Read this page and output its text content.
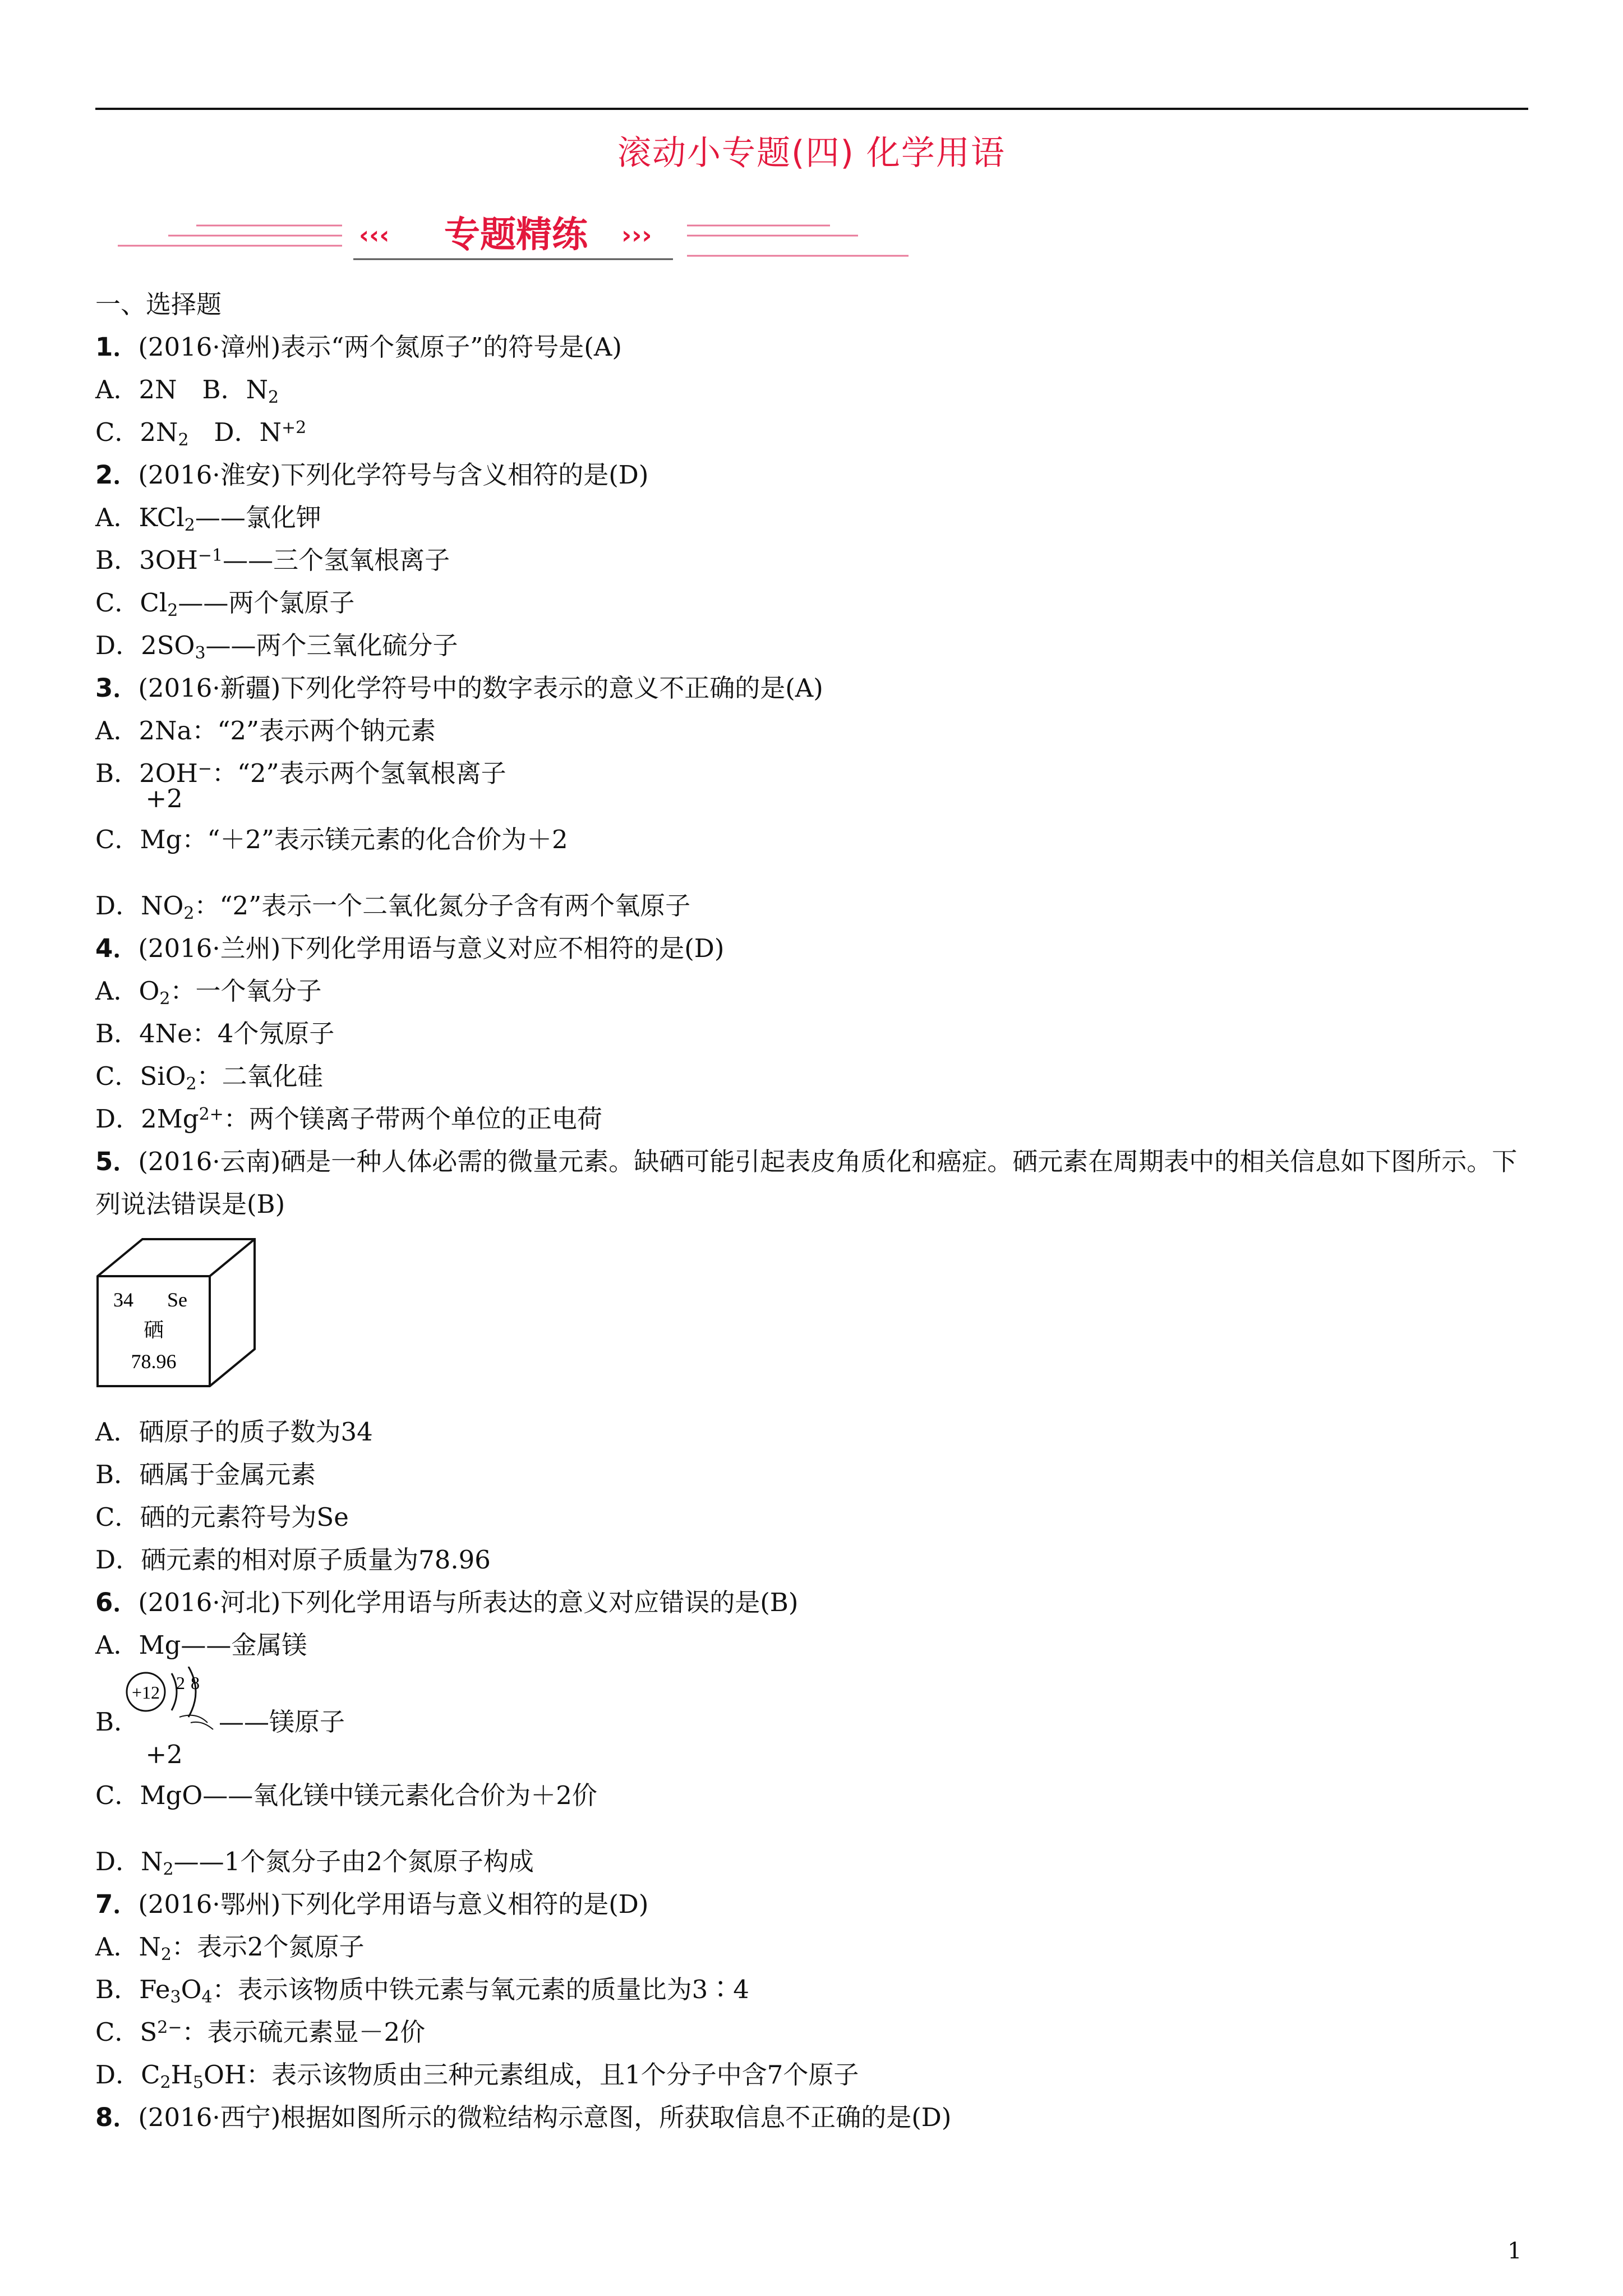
滚动小专题(四) 化学用语
‹‹‹	›››
专题精练
一、选择题
1．(2016·漳州)表示“两个氮原子”的符号是(A)
A．2N　B．$N_2$
C．$2N_2$　D．$N^{+2}$
2．(2016·淮安)下列化学符号与含义相符的是(D)
A．KCl$_2$——氯化钾
B．$3OH^{-1}——$三个氢氧根离子
C．$Cl_2——$两个氯原子
D．$2SO_3——$两个三氧化硫分子
3．(2016·新疆)下列化学符号中的数字表示的意义不正确的是(A)
A．2Na：“2”表示两个钠元素
B．2OH−：“2”表示两个氢氧根离子
C．
+2
Mg：“＋2”表示镁元素的化合价为＋2
D．$NO_2$：“2”表示一个二氧化氮分子含有两个氧原子
4．(2016·兰州)下列化学用语与意义对应不相符的是(D)
A．$O_2$：一个氧分子
B．4Ne：4个氖原子
C．SiO$_2$：二氧化硅
D．$2Mg^{2+}$：两个镁离子带两个单位的正电荷
5．(2016·云南)硒是一种人体必需的微量元素。缺硒可能引起表皮角质化和癌症。硒元素在周期表中的相关信息如下图所示。下列说法错误是(B)
34 Se
硒
78.96
A．硒原子的质子数为34
B．硒属于金属元素
C．硒的元素符号为Se
D．硒元素的相对原子质量为78.96
6．(2016·河北)下列化学用语与所表达的意义对应错误的是(B)
A．Mg——金属镁
B．
+12 2 8
——镁原子
C．
+2
MgO——氧化镁中镁元素化合价为＋2价
D．$N_2——1$个氮分子由2个氮原子构成
7．(2016·鄂州)下列化学用语与意义相符的是(D)
A．$N_2$：表示2个氮原子
B．$Fe_3O_4$：表示该物质中铁元素与氧元素的质量比为3∶4
C．$S^{2-}$：表示硫元素显－2价
D．$C_2H_5OH$：表示该物质由三种元素组成，且1个分子中含7个原子
8．(2016·西宁)根据如图所示的微粒结构示意图，所获取信息不正确的是(D)
1
